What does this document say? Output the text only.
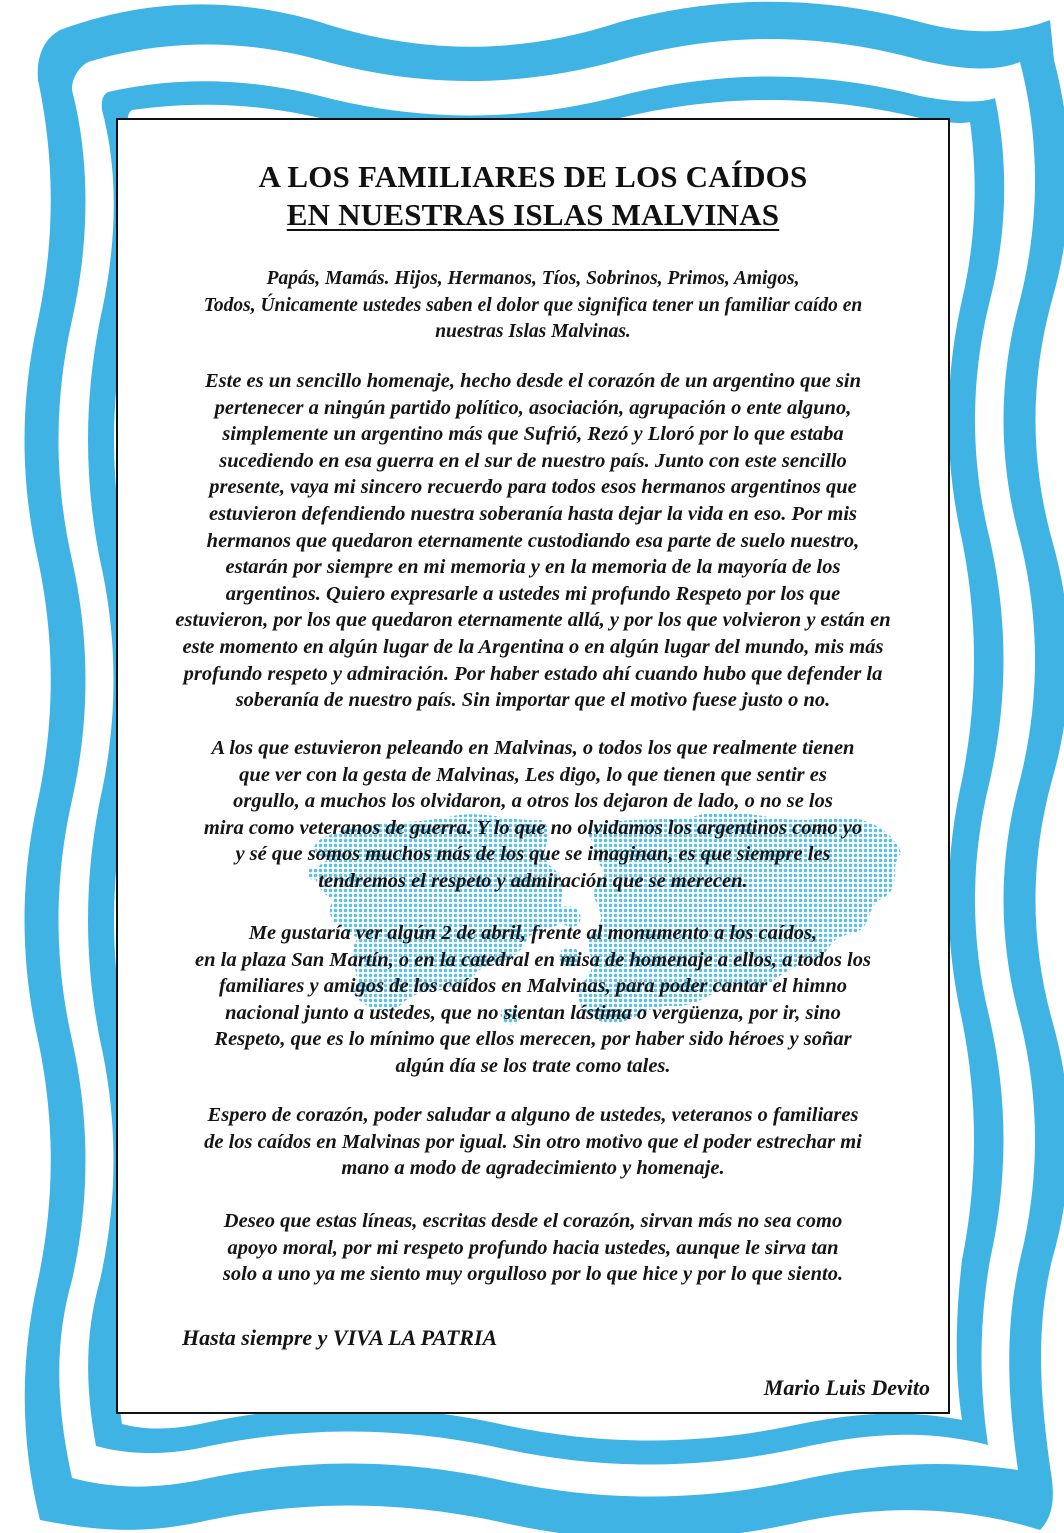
A LOS FAMILIARES DE LOS CAÍDOS
EN NUESTRAS ISLAS MALVINAS
Papás, Mamás. Hijos, Hermanos, Tíos, Sobrinos, Primos, Amigos,
Todos, Únicamente ustedes saben el dolor que significa tener un familiar caído en
nuestras Islas Malvinas.
Este es un sencillo homenaje, hecho desde el corazón de un argentino que sin
pertenecer a ningún partido político, asociación, agrupación o ente alguno,
simplemente un argentino más que Sufrió, Rezó y Lloró por lo que estaba
sucediendo en esa guerra en el sur de nuestro país. Junto con este sencillo
presente, vaya mi sincero recuerdo para todos esos hermanos argentinos que
estuvieron defendiendo nuestra soberanía hasta dejar la vida en eso. Por mis
hermanos que quedaron eternamente custodiando esa parte de suelo nuestro,
estarán por siempre en mi memoria y en la memoria de la mayoría de los
argentinos. Quiero expresarle a ustedes mi profundo Respeto por los que
estuvieron, por los que quedaron eternamente allá, y por los que volvieron y están en
este momento en algún lugar de la Argentina o en algún lugar del mundo, mis más
profundo respeto y admiración. Por haber estado ahí cuando hubo que defender la
soberanía de nuestro país. Sin importar que el motivo fuese justo o no.
A los que estuvieron peleando en Malvinas, o todos los que realmente tienen
que ver con la gesta de Malvinas, Les digo, lo que tienen que sentir es
orgullo, a muchos los olvidaron, a otros los dejaron de lado, o no se los
mira como veteranos de guerra. Y lo que no olvidamos los argentinos como yo
y sé que somos muchos más de los que se imaginan, es que siempre les
tendremos el respeto y admiración que se merecen.
Me gustaría ver algún 2 de abril, frente al monumento a los caídos,
en la plaza San Martín, o en la catedral en misa de homenaje a ellos, a todos los
familiares y amigos de los caídos en Malvinas, para poder cantar el himno
nacional junto a ustedes, que no sientan lástima o vergüenza, por ir, sino
Respeto, que es lo mínimo que ellos merecen, por haber sido héroes y soñar
algún día se los trate como tales.
Espero de corazón, poder saludar a alguno de ustedes, veteranos o familiares
de los caídos en Malvinas por igual. Sin otro motivo que el poder estrechar mi
mano a modo de agradecimiento y homenaje.
Deseo que estas líneas, escritas desde el corazón, sirvan más no sea como
apoyo moral, por mi respeto profundo hacia ustedes, aunque le sirva tan
solo a uno ya me siento muy orgulloso por lo que hice y por lo que siento.
Hasta siempre y VIVA LA PATRIA
Mario Luis Devito
